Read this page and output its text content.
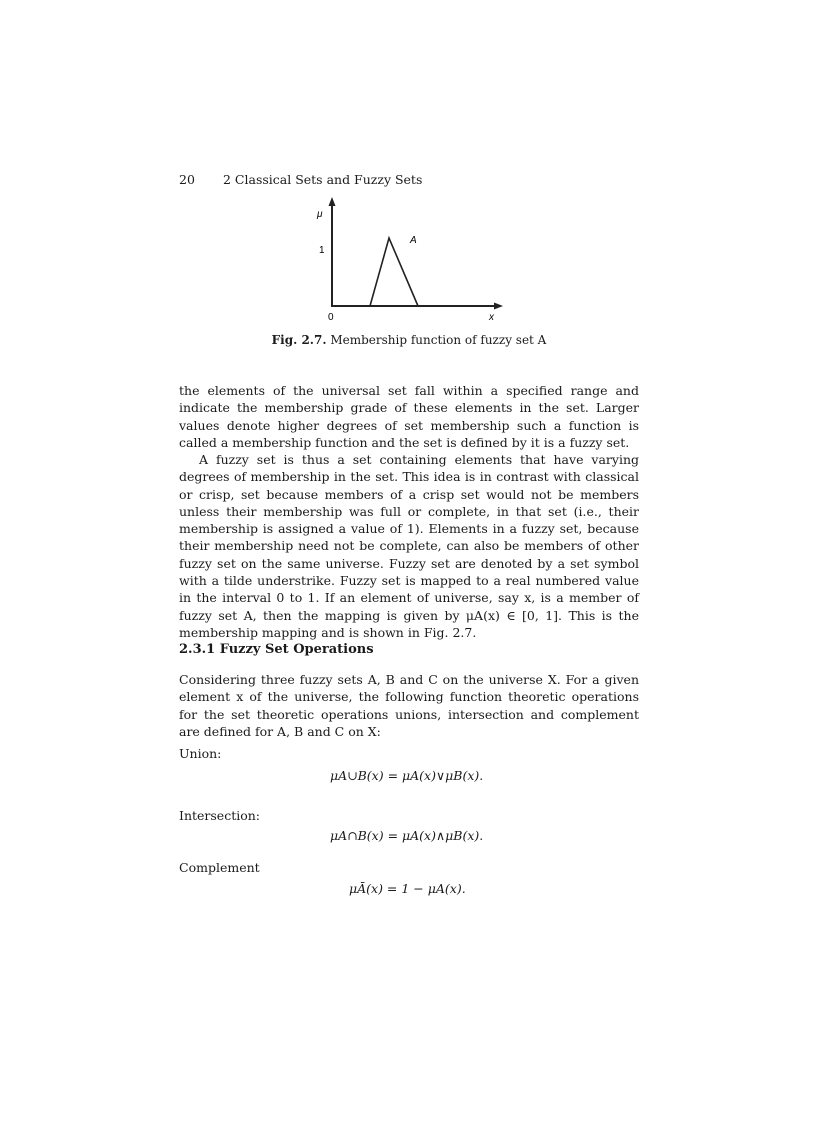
20 2 Classical Sets and Fuzzy Sets
μ
1
0	x
A
Fig. 2.7. Membership function of fuzzy set A

the elements of the universal set fall within a specified range and indicate the membership grade of these elements in the set. Larger values denote higher degrees of set membership such a function is called a membership function and the set is defined by it is a fuzzy set.

A fuzzy set is thus a set containing elements that have varying degrees of membership in the set. This idea is in contrast with classical or crisp, set because members of a crisp set would not be members unless their membership was full or complete, in that set (i.e., their membership is assigned a value of 1). Elements in a fuzzy set, because their membership need not be complete, can also be members of other fuzzy set on the same universe. Fuzzy set are denoted by a set symbol with a tilde understrike. Fuzzy set is mapped to a real numbered value in the interval 0 to 1. If an element of universe, say x, is a member of fuzzy set A, then the mapping is given by μA(x) ∈ [0, 1]. This is the membership mapping and is shown in Fig. 2.7.

2.3.1 Fuzzy Set Operations

Considering three fuzzy sets A, B and C on the universe X. For a given element x of the universe, the following function theoretic operations for the set theoretic operations unions, intersection and complement are defined for A, B and C on X:

Union:
μA∪B(x) = μA(x)∨μB(x).
Intersection:
μA∩B(x) = μA(x)∧μB(x).
Complement
μĀ(x) = 1 − μA(x).
